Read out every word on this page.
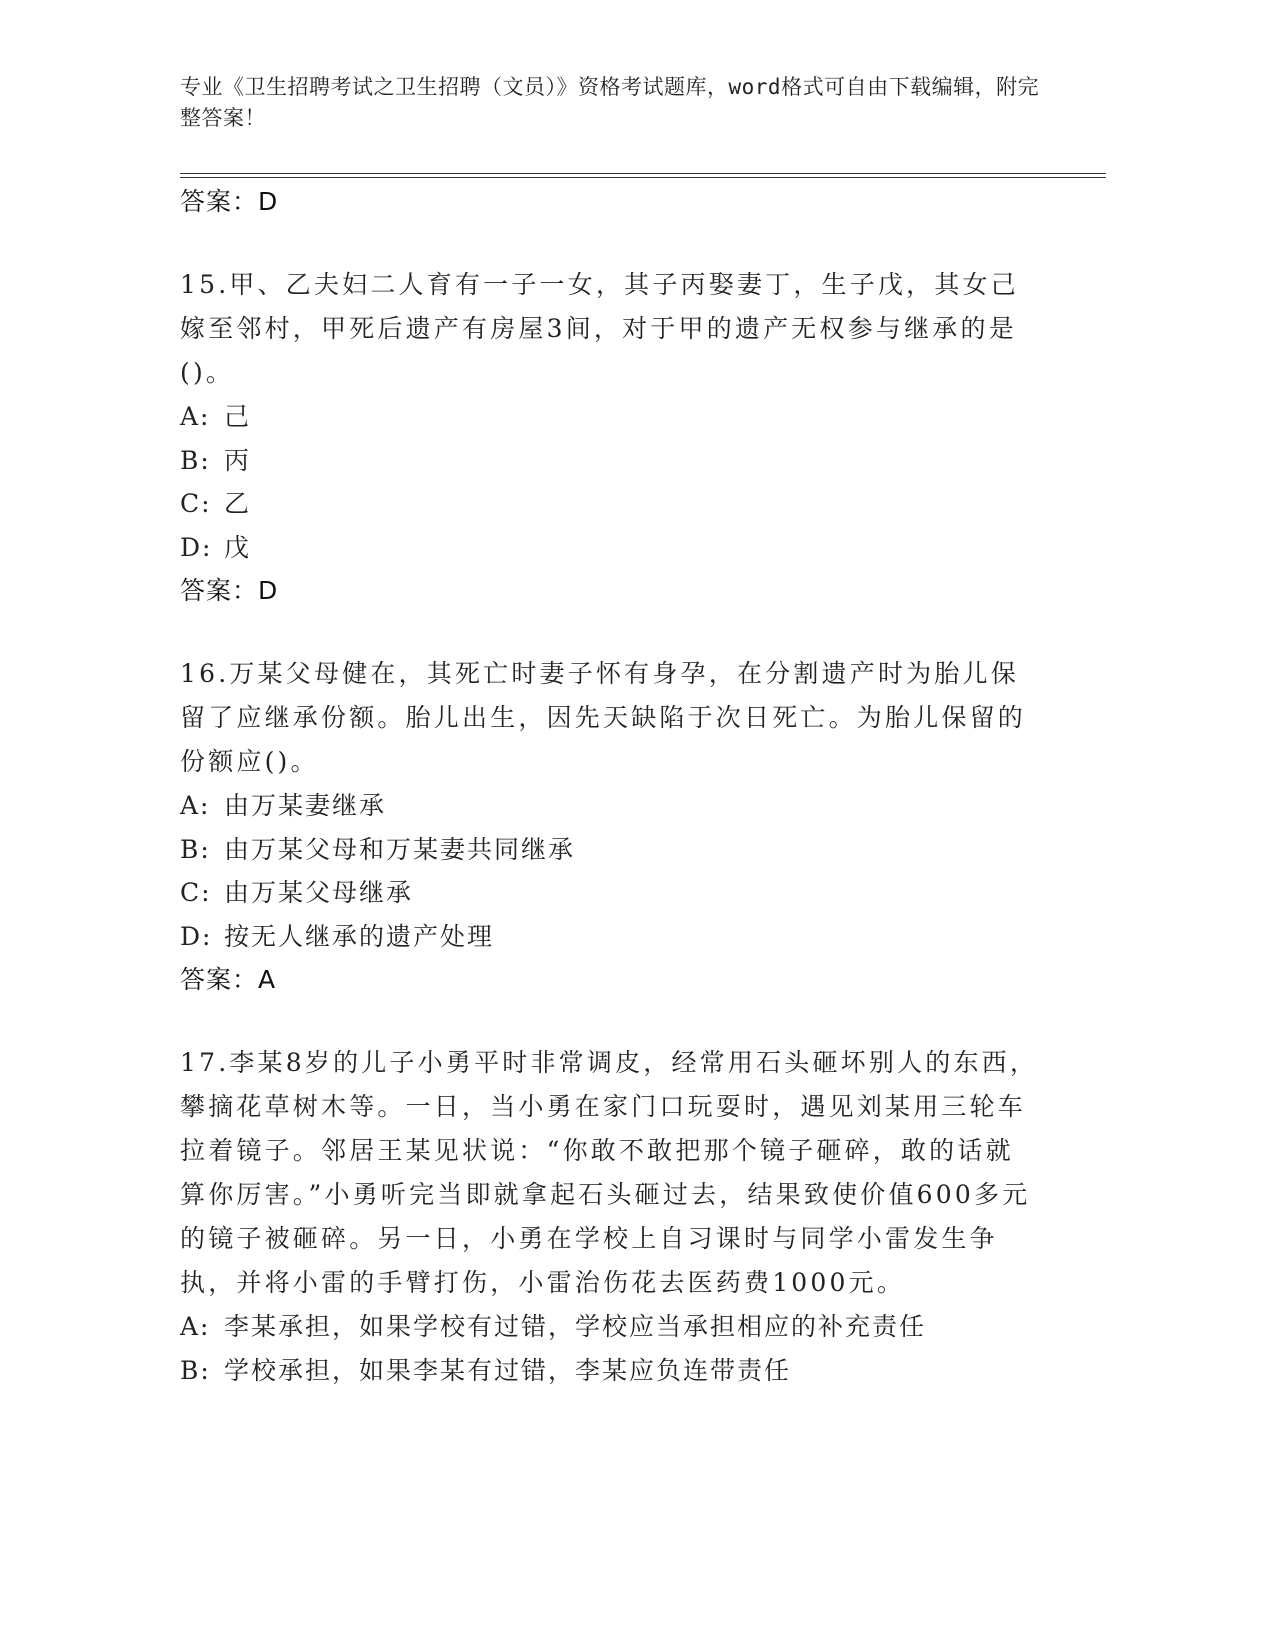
专业《卫生招聘考试之卫生招聘（文员）》资格考试题库，word格式可自由下载编辑，附完整答案！
答案：D
15.甲、乙夫妇二人育有一子一女，其子丙娶妻丁，生子戊，其女己嫁至邻村，甲死后遗产有房屋3间，对于甲的遗产无权参与继承的是()。
A: 己
B: 丙
C: 乙
D: 戊
答案：D
16.万某父母健在，其死亡时妻子怀有身孕，在分割遗产时为胎儿保留了应继承份额。胎儿出生，因先天缺陷于次日死亡。为胎儿保留的份额应()。
A: 由万某妻继承
B: 由万某父母和万某妻共同继承
C: 由万某父母继承
D: 按无人继承的遗产处理
答案：A
17.李某8岁的儿子小勇平时非常调皮，经常用石头砸坏别人的东西，攀摘花草树木等。一日，当小勇在家门口玩耍时，遇见刘某用三轮车拉着镜子。邻居王某见状说：“你敢不敢把那个镜子砸碎，敢的话就算你厉害。”小勇听完当即就拿起石头砸过去，结果致使价值600多元的镜子被砸碎。另一日，小勇在学校上自习课时与同学小雷发生争执，并将小雷的手臂打伤，小雷治伤花去医药费1000元。
A: 李某承担，如果学校有过错，学校应当承担相应的补充责任
B: 学校承担，如果李某有过错，李某应负连带责任
